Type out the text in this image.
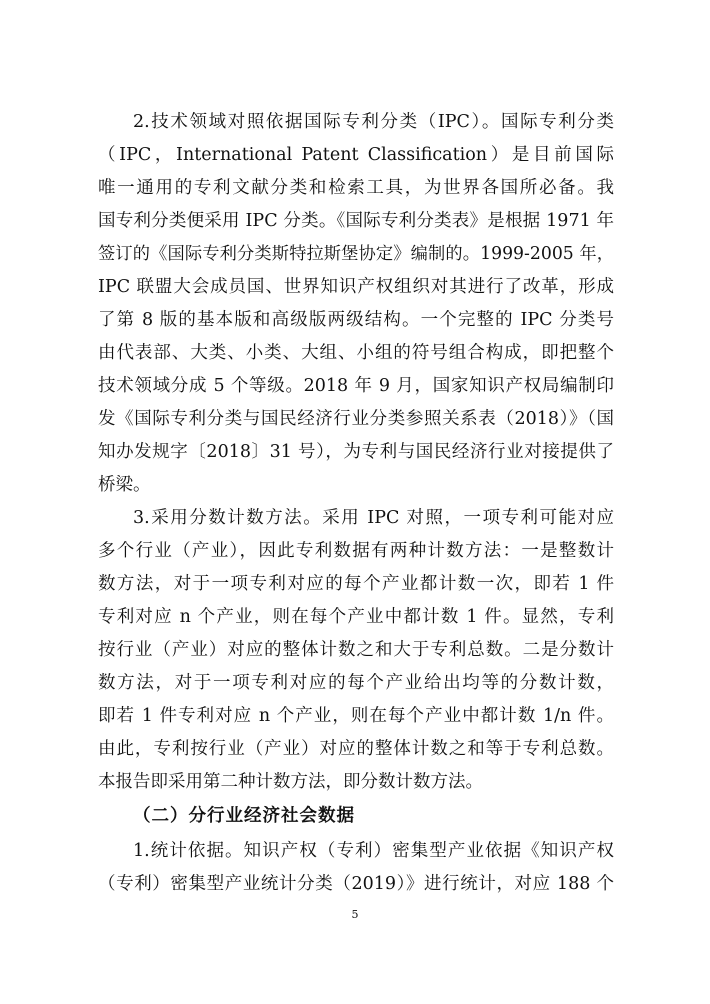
2.技术领域对照依据国际专利分类（IPC）。国际专利分类
（IPC，International Patent Classification）是目前国际
唯一通用的专利文献分类和检索工具，为世界各国所必备。我
国专利分类便采用 IPC 分类。《国际专利分类表》是根据 1971 年
签订的《国际专利分类斯特拉斯堡协定》编制的。1999-2005 年，
IPC 联盟大会成员国、世界知识产权组织对其进行了改革，形成
了第 8 版的基本版和高级版两级结构。一个完整的 IPC 分类号
由代表部、大类、小类、大组、小组的符号组合构成，即把整个
技术领域分成 5 个等级。2018 年 9 月，国家知识产权局编制印
发《国际专利分类与国民经济行业分类参照关系表（2018）》（国
知办发规字〔2018〕31 号），为专利与国民经济行业对接提供了
桥梁。
3.采用分数计数方法。采用 IPC 对照，一项专利可能对应
多个行业（产业），因此专利数据有两种计数方法：一是整数计
数方法，对于一项专利对应的每个产业都计数一次，即若 1 件
专利对应 n 个产业，则在每个产业中都计数 1 件。显然，专利
按行业（产业）对应的整体计数之和大于专利总数。二是分数计
数方法，对于一项专利对应的每个产业给出均等的分数计数，
即若 1 件专利对应 n 个产业，则在每个产业中都计数 1/n 件。
由此，专利按行业（产业）对应的整体计数之和等于专利总数。
本报告即采用第二种计数方法，即分数计数方法。
（二）分行业经济社会数据
1.统计依据。知识产权（专利）密集型产业依据《知识产权
（专利）密集型产业统计分类（2019）》进行统计，对应 188 个
5
